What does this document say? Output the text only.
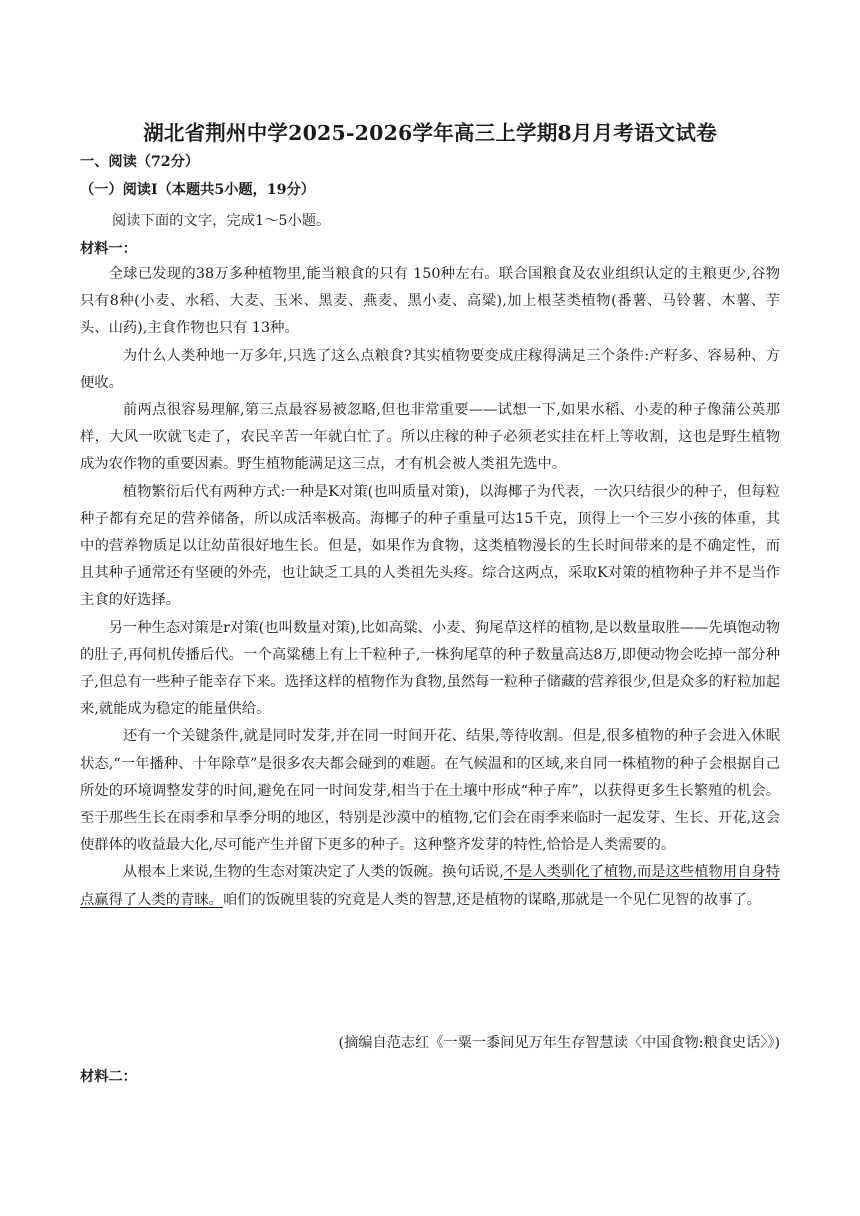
湖北省荆州中学2025-2026学年高三上学期8月月考语文试卷
一、阅读（72分）
（一）阅读Ⅰ（本题共5小题，19分）
阅读下面的文字，完成1～5小题。
材料一：

全球已发现的38万多种植物里,能当粮食的只有 150种左右。联合国粮食及农业组织认定的主粮更少,谷物只有8种(小麦、水稻、大麦、玉米、黑麦、燕麦、黑小麦、高粱),加上根茎类植物(番薯、马铃薯、木薯、芋头、山药),主食作物也只有 13种。

为什么人类种地一万多年,只选了这么点粮食?其实植物要变成庄稼得满足三个条件:产籽多、容易种、方便收。

前两点很容易理解,第三点最容易被忽略,但也非常重要——试想一下,如果水稻、小麦的种子像蒲公英那样，大风一吹就飞走了，农民辛苦一年就白忙了。所以庄稼的种子必须老实挂在杆上等收割，这也是野生植物成为农作物的重要因素。野生植物能满足这三点，才有机会被人类祖先选中。

植物繁衍后代有两种方式:一种是K对策(也叫质量对策)，以海椰子为代表，一次只结很少的种子，但每粒种子都有充足的营养储备，所以成活率极高。海椰子的种子重量可达15千克，顶得上一个三岁小孩的体重，其中的营养物质足以让幼苗很好地生长。但是，如果作为食物，这类植物漫长的生长时间带来的是不确定性，而且其种子通常还有坚硬的外壳，也让缺乏工具的人类祖先头疼。综合这两点，采取K对策的植物种子并不是当作主食的好选择。

另一种生态对策是r对策(也叫数量对策),比如高粱、小麦、狗尾草这样的植物,是以数量取胜——先填饱动物的肚子,再伺机传播后代。一个高粱穗上有上千粒种子,一株狗尾草的种子数量高达8万,即便动物会吃掉一部分种子,但总有一些种子能幸存下来。选择这样的植物作为食物,虽然每一粒种子储藏的营养很少,但是众多的籽粒加起来,就能成为稳定的能量供给。

还有一个关键条件,就是同时发芽,并在同一时间开花、结果,等待收割。但是,很多植物的种子会进入休眠状态,“一年播种、十年除草”是很多农夫都会碰到的难题。在气候温和的区域,来自同一株植物的种子会根据自己所处的环境调整发芽的时间,避免在同一时间发芽,相当于在土壤中形成“种子库”，以获得更多生长繁殖的机会。至于那些生长在雨季和旱季分明的地区，特别是沙漠中的植物,它们会在雨季来临时一起发芽、生长、开花,这会使群体的收益最大化,尽可能产生并留下更多的种子。这种整齐发芽的特性,恰恰是人类需要的。

从根本上来说,生物的生态对策决定了人类的饭碗。换句话说,不是人类驯化了植物,而是这些植物用自身特点赢得了人类的青睐。咱们的饭碗里装的究竟是人类的智慧,还是植物的谋略,那就是一个见仁见智的故事了。

(摘编自范志红《一粟一黍间见万年生存智慧读〈中国食物:粮食史话〉》)
材料二：
